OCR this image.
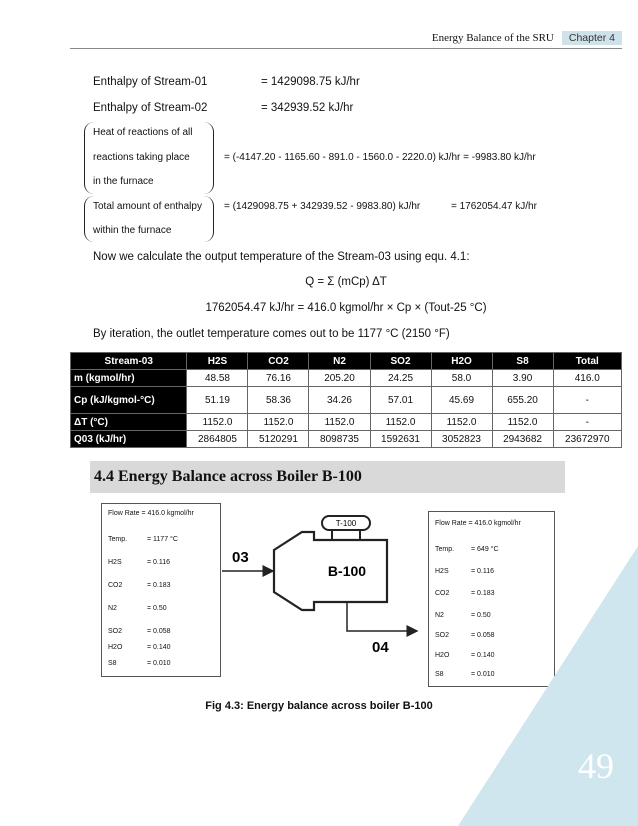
Energy Balance of the SRU	Chapter 4
Enthalpy of Stream-01	= 1429098.75 kJ/hr
Enthalpy of Stream-02	= 342939.52 kJ/hr
Heat of reactions of all
reactions taking place
in the furnace
= (-4147.20 - 1165.60 - 891.0 - 1560.0 - 2220.0) kJ/hr = -9983.80 kJ/hr
Total amount of enthalpy
within the furnace
= (1429098.75 + 342939.52 - 9983.80) kJ/hr	= 1762054.47 kJ/hr
Now we calculate the output temperature of the Stream-03 using equ. 4.1:
Q = Σ (mCp) ΔT
1762054.47 kJ/hr = 416.0 kgmol/hr × Cp × (Tout-25 °C)
By iteration, the outlet temperature comes out to be 1177 °C (2150 °F)
Stream-03	H2S	CO2	N2	SO2	H2O	S8	Total
m (kgmol/hr)	48.58	76.16	205.20	24.25	58.0	3.90	416.0
Cp (kJ/kgmol-°C)	51.19	58.36	34.26	57.01	45.69	655.20	-
ΔT (°C)	1152.0	1152.0	1152.0	1152.0	1152.0	1152.0	-
Q03 (kJ/hr)	2864805	5120291	8098735	1592631	3052823	2943682	23672970
4.4 Energy Balance across Boiler B-100
Flow Rate = 416.0 kgmol/hr
Temp.	= 1177 °C
H2S	= 0.116
CO2	= 0.183
N2	= 0.50
SO2	= 0.058
H2O	= 0.140
S8	= 0.010
Flow Rate = 416.0 kgmol/hr
Temp. = 649 °C
H2S	= 0.116
CO2	= 0.183
N2	= 0.50
SO2	= 0.058
H2O	= 0.140
S8	= 0.010
T-100
B-100
03
04
Fig 4.3: Energy balance across boiler B-100
49
